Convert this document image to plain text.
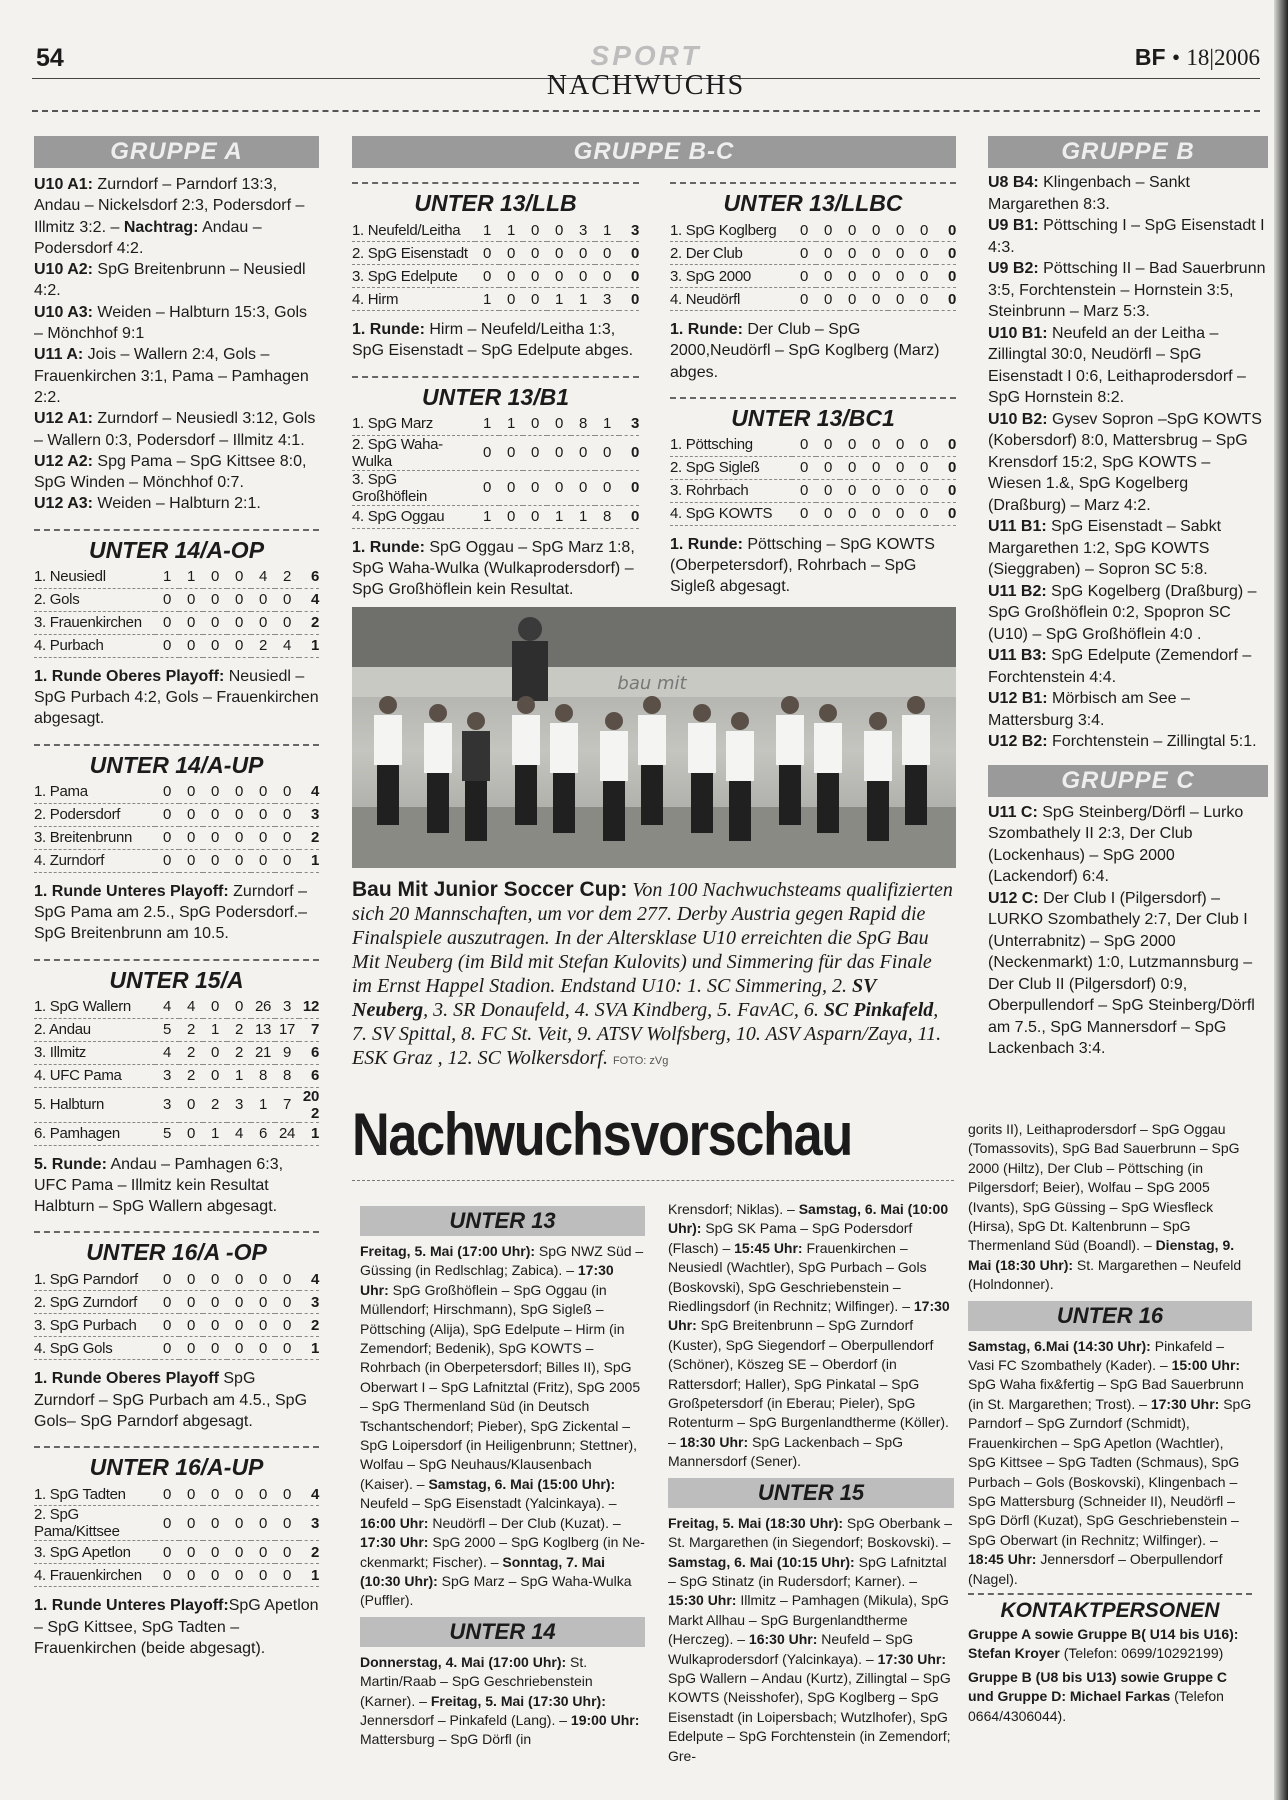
54	SPORT	BF • 18|2006
NACHWUCHS
GRUPPE A
U10 A1: Zurndorf – Parndorf 13:3, Andau – Nickelsdorf 2:3, Podersdorf – Illmitz 3:2. – Nachtrag: Andau – Podersdorf 4:2.
U10 A2: SpG Breitenbrunn – Neusiedl 4:2.
U10 A3: Weiden – Halbturn 15:3, Gols – Mönchhof 9:1
U11 A: Jois – Wallern 2:4, Gols – Frauenkirchen 3:1, Pama – Pamhagen 2:2.
U12 A1: Zurndorf – Neusiedl 3:12, Gols – Wallern 0:3, Podersdorf – Illmitz 4:1.
U12 A2: Spg Pama – SpG Kittsee 8:0, SpG Winden – Mönchhof 0:7.
U12 A3: Weiden – Halbturn 2:1.
UNTER 14/A-OP
1. Neusiedl	1	1	0	0	4	2	6
2. Gols	0	0	0	0	0	0	4
3. Frauenkirchen	0	0	0	0	0	0	2
4. Purbach	0	0	0	0	2	4	1
1. Runde Oberes Playoff: Neusiedl – SpG Purbach 4:2, Gols – Frauenkirchen abgesagt.
UNTER 14/A-UP
1. Pama	0	0	0	0	0	0	4
2. Podersdorf	0	0	0	0	0	0	3
3. Breitenbrunn	0	0	0	0	0	0	2
4. Zurndorf	0	0	0	0	0	0	1
1. Runde Unteres Playoff: Zurndorf – SpG Pama am 2.5., SpG Podersdorf.– SpG Breitenbrunn am 10.5.
UNTER 15/A
1. SpG Wallern	4	4	0	0	26	3	12
2. Andau	5	2	1	2	13	17	7
3. Illmitz	4	2	0	2	21	9	6
4. UFC Pama	3	2	0	1	8	8	6
5. Halbturn	3	0	2	3	1	7	20 2
6. Pamhagen	5	0	1	4	6	24	1
5. Runde: Andau – Pamhagen 6:3, UFC Pama – Illmitz kein Resultat Halbturn – SpG Wallern abgesagt.
UNTER 16/A -OP
1. SpG Parndorf	0	0	0	0	0	0	4
2. SpG Zurndorf	0	0	0	0	0	0	3
3. SpG Purbach	0	0	0	0	0	0	2
4. SpG Gols	0	0	0	0	0	0	1
1. Runde Oberes Playoff SpG Zurndorf – SpG Purbach am 4.5., SpG Gols– SpG Parndorf abgesagt.
UNTER 16/A-UP
1. SpG Tadten	0	0	0	0	0	0	4
2. SpG Pama/Kittsee	0	0	0	0	0	0	3
3. SpG Apetlon	0	0	0	0	0	0	2
4. Frauenkirchen	0	0	0	0	0	0	1
1. Runde Unteres Playoff:SpG Apetlon – SpG Kittsee, SpG Tadten – Frauenkirchen (beide abgesagt).
GRUPPE B-C
UNTER 13/LLB
1. Neufeld/Leitha	1	1	0	0	3	1	3
2. SpG Eisenstadt	0	0	0	0	0	0	0
3. SpG Edelpute	0	0	0	0	0	0	0
4. Hirm	1	0	0	1	1	3	0
1. Runde: Hirm – Neufeld/Leitha 1:3, SpG Eisenstadt – SpG Edelpute abges.
UNTER 13/B1
1. SpG Marz	1	1	0	0	8	1	3
2. SpG Waha-Wulka	0	0	0	0	0	0	0
3. SpG Großhöflein	0	0	0	0	0	0	0
4. SpG Oggau	1	0	0	1	1	8	0
1. Runde: SpG Oggau – SpG Marz 1:8, SpG Waha-Wulka (Wulkaprodersdorf) – SpG Großhöflein kein Resultat.
UNTER 13/LLBC
1. SpG Koglberg	0	0	0	0	0	0	0
2. Der Club	0	0	0	0	0	0	0
3. SpG 2000	0	0	0	0	0	0	0
4. Neudörfl	0	0	0	0	0	0	0
1. Runde: Der Club – SpG 2000,Neudörfl – SpG Koglberg (Marz) abges.
UNTER 13/BC1
1. Pöttsching	0	0	0	0	0	0	0
2. SpG Sigleß	0	0	0	0	0	0	0
3. Rohrbach	0	0	0	0	0	0	0
4. SpG KOWTS	0	0	0	0	0	0	0
1. Runde: Pöttsching – SpG KOWTS (Oberpetersdorf), Rohrbach – SpG Sigleß abgesagt.
bau mit
Bau Mit Junior Soccer Cup: Von 100 Nachwuchsteams qualifizierten sich 20 Mannschaften, um vor dem 277. Derby Austria gegen Rapid die Finalspiele auszutragen. In der Altersklase U10 erreichten die SpG Bau Mit Neuberg (im Bild mit Stefan Kulovits) und Simmering für das Finale im Ernst Happel Stadion. Endstand U10: 1. SC Simmering, 2. SV Neuberg, 3. SR Donaufeld, 4. SVA Kindberg, 5. FavAC, 6. SC Pinkafeld, 7. SV Spittal, 8. FC St. Veit, 9. ATSV Wolfsberg, 10. ASV Asparn/Zaya, 11. ESK Graz , 12. SC Wolkersdorf. FOTO: zVg
GRUPPE B
U8 B4: Klingenbach – Sankt Margarethen 8:3.
U9 B1: Pöttsching I – SpG Eisenstadt I 4:3.
U9 B2: Pöttsching II – Bad Sauerbrunn 3:5, Forchtenstein – Hornstein 3:5, Steinbrunn – Marz 5:3.
U10 B1: Neufeld an der Leitha – Zillingtal 30:0, Neudörfl – SpG Eisenstadt I 0:6, Leithaprodersdorf – SpG Hornstein 8:2.
U10 B2: Gysev Sopron –SpG KOWTS (Kobersdorf) 8:0, Mattersbrug – SpG Krensdorf 15:2, SpG KOWTS – Wiesen 1.&, SpG Kogelberg (Draßburg) – Marz 4:2.
U11 B1: SpG Eisenstadt – Sabkt Margarethen 1:2, SpG KOWTS (Sieggraben) – Sopron SC 5:8.
U11 B2: SpG Kogelberg (Draßburg) – SpG Großhöflein 0:2, Spopron SC (U10) – SpG Großhöflein 4:0 .
U11 B3: SpG Edelpute (Zemendorf – Forchtenstein 4:4.
U12 B1: Mörbisch am See – Mattersburg 3:4.
U12 B2: Forchtenstein – Zillingtal 5:1.
GRUPPE C
U11 C: SpG Steinberg/Dörfl – Lurko Szombathely II 2:3, Der Club (Lockenhaus) – SpG 2000 (Lackendorf) 6:4.
U12 C: Der Club I (Pilgersdorf) – LURKO Szombathely 2:7, Der Club I (Unterrabnitz) – SpG 2000 (Neckenmarkt) 1:0, Lutzmannsburg – Der Club II (Pilgersdorf) 0:9, Oberpullendorf – SpG Steinberg/Dörfl am 7.5., SpG Mannersdorf – SpG Lackenbach 3:4.
Nachwuchsvorschau
UNTER 13
Freitag, 5. Mai (17:00 Uhr): SpG NWZ Süd – Güssing (in Redlschlag; Zabica). – 17:30 Uhr: SpG Großhöflein – SpG Oggau (in Müllendorf; Hirschmann), SpG Sigleß – Pöttsching (Alija), SpG Edelpute – Hirm (in Zemendorf; Bedenik), SpG KOWTS – Rohrbach (in Oberpetersdorf; Billes II), SpG Oberwart I – SpG Lafnitztal (Fritz), SpG 2005 – SpG Thermenland Süd (in Deutsch Tschantschendorf; Pieber), SpG Zickental – SpG Loipersdorf (in Heiligenbrunn; Stettner), Wolfau – SpG Neuhaus/Klausenbach (Kaiser). – Samstag, 6. Mai (15:00 Uhr): Neufeld – SpG Eisenstadt (Yalcinkaya). – 16:00 Uhr: Neudörfl – Der Club (Kuzat). – 17:30 Uhr: SpG 2000 – SpG Koglberg (in Ne- ckenmarkt; Fischer). – Sonntag, 7. Mai (10:30 Uhr): SpG Marz – SpG Waha-Wulka (Puffler).
UNTER 14
Donnerstag, 4. Mai (17:00 Uhr): St. Martin/Raab – SpG Geschriebenstein (Karner). – Freitag, 5. Mai (17:30 Uhr): Jennersdorf – Pinkafeld (Lang). – 19:00 Uhr: Mattersburg – SpG Dörfl (in
Krensdorf; Niklas). – Samstag, 6. Mai (10:00 Uhr): SpG SK Pama – SpG Podersdorf (Flasch) – 15:45 Uhr: Frauenkirchen – Neusiedl (Wachtler), SpG Purbach – Gols (Boskovski), SpG Geschriebenstein – Riedlingsdorf (in Rechnitz; Wilfinger). – 17:30 Uhr: SpG Breitenbrunn – SpG Zurndorf (Kuster), SpG Siegendorf – Oberpullendorf (Schöner), Köszeg SE – Oberdorf (in Rattersdorf; Haller), SpG Pinkatal – SpG Großpetersdorf (in Eberau; Pieler), SpG Rotenturm – SpG Burgenlandtherme (Köller). – 18:30 Uhr: SpG Lackenbach – SpG Mannersdorf (Sener).
UNTER 15
Freitag, 5. Mai (18:30 Uhr): SpG Oberbank – St. Margarethen (in Siegendorf; Boskovski). – Samstag, 6. Mai (10:15 Uhr): SpG Lafnitztal – SpG Stinatz (in Rudersdorf; Karner). – 15:30 Uhr: Illmitz – Pamhagen (Mikula), SpG Markt Allhau – SpG Burgenlandtherme (Herczeg). – 16:30 Uhr: Neufeld – SpG Wulkaprodersdorf (Yalcinkaya). – 17:30 Uhr: SpG Wallern – Andau (Kurtz), Zillingtal – SpG KOWTS (Neisshofer), SpG Koglberg – SpG Eisenstadt (in Loipersbach; Wutzlhofer), SpG Edelpute – SpG Forchtenstein (in Zemendorf; Gre-
gorits II), Leithaprodersdorf – SpG Oggau (Tomassovits), SpG Bad Sauerbrunn – SpG 2000 (Hiltz), Der Club – Pöttsching (in Pilgersdorf; Beier), Wolfau – SpG 2005 (Ivants), SpG Güssing – SpG Wiesfleck (Hirsa), SpG Dt. Kaltenbrunn – SpG Thermenland Süd (Boandl). – Dienstag, 9. Mai (18:30 Uhr): St. Margarethen – Neufeld (Holndonner).
UNTER 16
Samstag, 6.Mai (14:30 Uhr): Pinkafeld – Vasi FC Szombathely (Kader). – 15:00 Uhr: SpG Waha fix&fertig – SpG Bad Sauerbrunn (in St. Margarethen; Trost). – 17:30 Uhr: SpG Parndorf – SpG Zurndorf (Schmidt), Frauenkirchen – SpG Apetlon (Wachtler), SpG Kittsee – SpG Tadten (Schmaus), SpG Purbach – Gols (Boskovski), Klingenbach – SpG Mattersburg (Schneider II), Neudörfl – SpG Dörfl (Kuzat), SpG Geschriebenstein – SpG Oberwart (in Rechnitz; Wilfinger). – 18:45 Uhr: Jennersdorf – Oberpullendorf (Nagel).
KONTAKTPERSONEN
Gruppe A sowie Gruppe B( U14 bis U16): Stefan Kroyer (Telefon: 0699/10292199)
Gruppe B (U8 bis U13) sowie Gruppe C und Gruppe D: Michael Farkas (Telefon 0664/4306044).
